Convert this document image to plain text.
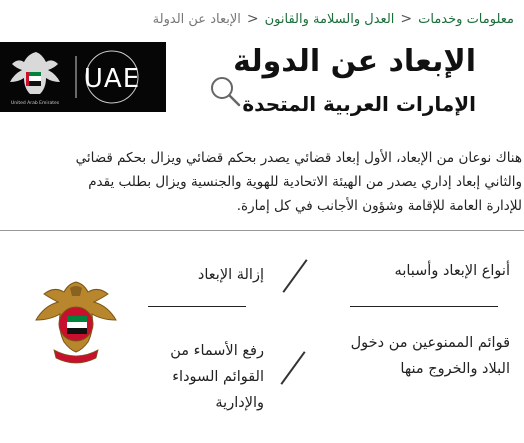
معلومات وخدمات
<
العدل والسلامة والقانون
<
الإبعاد عن الدولة
الإبعاد عن الدولة
الإمارات العربية المتحدة
United Arab Emirates
UAE
هناك نوعان من الإبعاد، الأول إبعاد قضائي يصدر بحكم قضائي ويزال بحكم قضائي
والثاني إبعاد إداري يصدر من الهيئة الاتحادية للهوية والجنسية ويزال بطلب يقدم
للإدارة العامة للإقامة وشؤون الأجانب في كل إمارة.
أنواع الإبعاد وأسبابه
إزالة الإبعاد
قوائم الممنوعين من دخول البلاد والخروج منها
رفع الأسماء من القوائم السوداء والإدارية
